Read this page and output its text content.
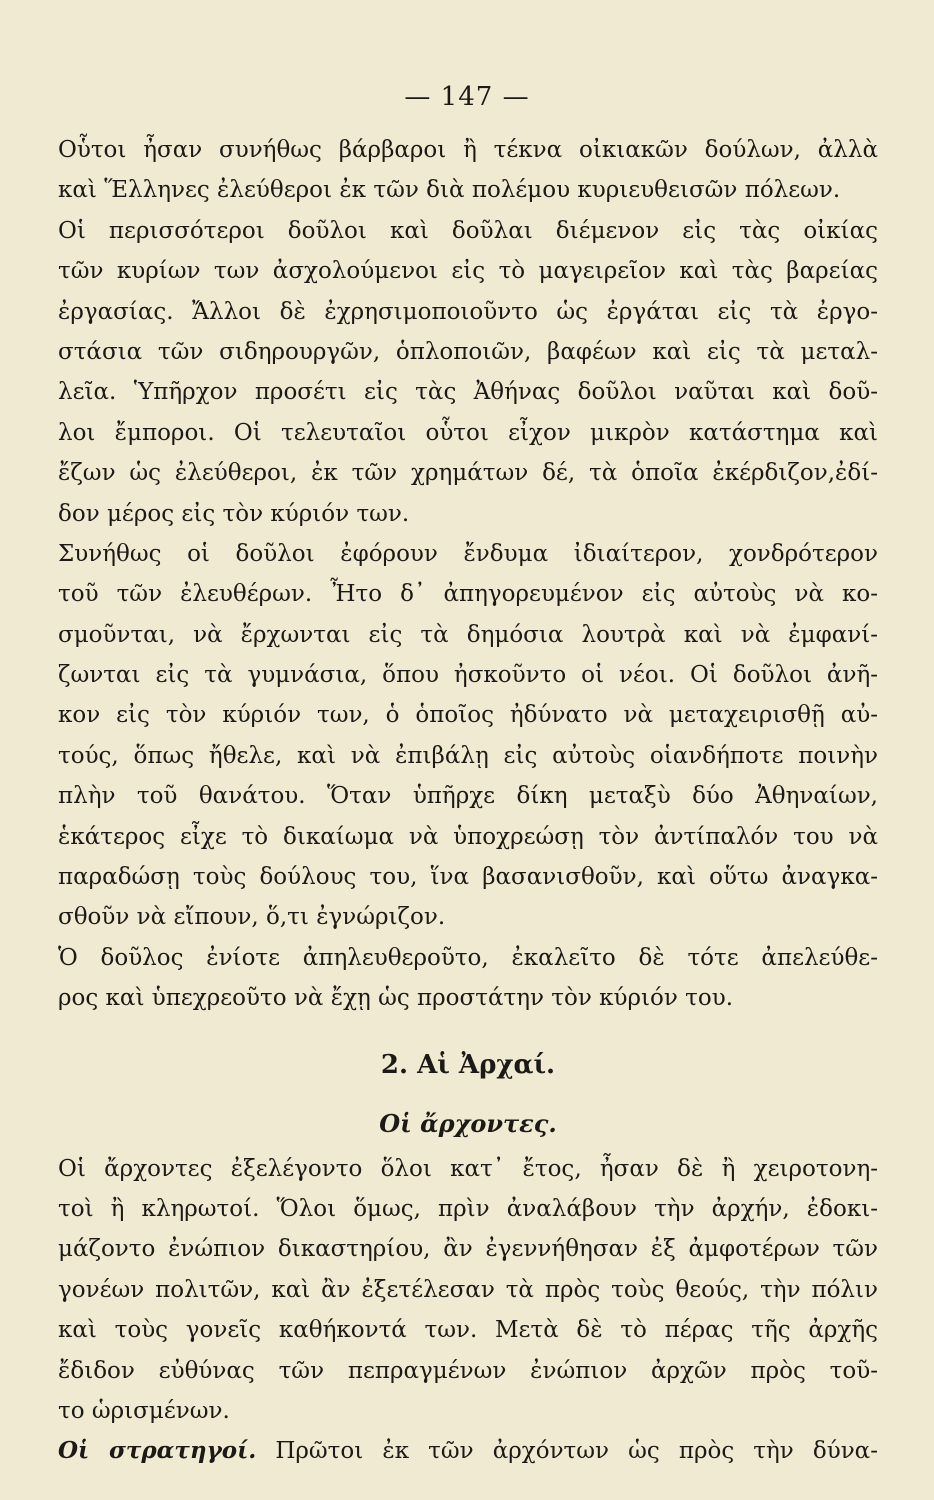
— 147 —
Οὗτοι ἦσαν συνήθως βάρβαροι ἢ τέκνα οἰκιακῶν δούλων, ἀλλὰ
καὶ Ἕλληνες ἐλεύθεροι ἐκ τῶν διὰ πολέμου κυριευθεισῶν πόλεων.
Οἱ περισσότεροι δοῦλοι καὶ δοῦλαι διέμενον εἰς τὰς οἰκίας
τῶν κυρίων των ἀσχολούμενοι εἰς τὸ μαγειρεῖον καὶ τὰς βαρείας
ἐργασίας. Ἄλλοι δὲ ἐχρησιμοποιοῦντο ὡς ἐργάται εἰς τὰ ἐργο-
στάσια τῶν σιδηρουργῶν, ὁπλοποιῶν, βαφέων καὶ εἰς τὰ μεταλ-
λεῖα. Ὑπῆρχον προσέτι εἰς τὰς Ἀθήνας δοῦλοι ναῦται καὶ δοῦ-
λοι ἔμποροι. Οἱ τελευταῖοι οὗτοι εἶχον μικρὸν κατάστημα καὶ
ἔζων ὡς ἐλεύθεροι, ἐκ τῶν χρημάτων δέ, τὰ ὁποῖα ἐκέρδιζον,ἐδί-
δον μέρος εἰς τὸν κύριόν των.
Συνήθως οἱ δοῦλοι ἐφόρουν ἔνδυμα ἰδιαίτερον, χονδρότερον
τοῦ τῶν ἐλευθέρων. Ἦτο δ᾽ ἀπηγορευμένον εἰς αὐτοὺς νὰ κο-
σμοῦνται, νὰ ἔρχωνται εἰς τὰ δημόσια λουτρὰ καὶ νὰ ἐμφανί-
ζωνται εἰς τὰ γυμνάσια, ὅπου ἠσκοῦντο οἱ νέοι. Οἱ δοῦλοι ἀνῆ-
κον εἰς τὸν κύριόν των, ὁ ὁποῖος ἠδύνατο νὰ μεταχειρισθῇ αὐ-
τούς, ὅπως ἤθελε, καὶ νὰ ἐπιβάλῃ εἰς αὐτοὺς οἱανδήποτε ποινὴν
πλὴν τοῦ θανάτου. Ὅταν ὑπῆρχε δίκη μεταξὺ δύο Ἀθηναίων,
ἑκάτερος εἶχε τὸ δικαίωμα νὰ ὑποχρεώσῃ τὸν ἀντίπαλόν του νὰ
παραδώσῃ τοὺς δούλους του, ἵνα βασανισθοῦν, καὶ οὕτω ἀναγκα-
σθοῦν νὰ εἴπουν, ὅ,τι ἐγνώριζον.
Ὁ δοῦλος ἐνίοτε ἀπηλευθεροῦτο, ἐκαλεῖτο δὲ τότε ἀπελεύθε-
ρος καὶ ὑπεχρεοῦτο νὰ ἔχῃ ὡς προστάτην τὸν κύριόν του.
2. Αἱ Ἀρχαί.
Οἱ ἄρχοντες.
Οἱ ἄρχοντες ἐξελέγοντο ὅλοι κατ᾽ ἔτος, ἦσαν δὲ ἢ χειροτονη-
τοὶ ἢ κληρωτοί. Ὅλοι ὅμως, πρὶν ἀναλάβουν τὴν ἀρχήν, ἐδοκι-
μάζοντο ἐνώπιον δικαστηρίου, ἂν ἐγεννήθησαν ἐξ ἀμφοτέρων τῶν
γονέων πολιτῶν, καὶ ἂν ἐξετέλεσαν τὰ πρὸς τοὺς θεούς, τὴν πόλιν
καὶ τοὺς γονεῖς καθήκοντά των. Μετὰ δὲ τὸ πέρας τῆς ἀρχῆς
ἔδιδον εὐθύνας τῶν πεπραγμένων ἐνώπιον ἀρχῶν πρὸς τοῦ-
το ὡρισμένων.
Οἱ στρατηγοί. Πρῶτοι ἐκ τῶν ἀρχόντων ὡς πρὸς τὴν δύνα-
